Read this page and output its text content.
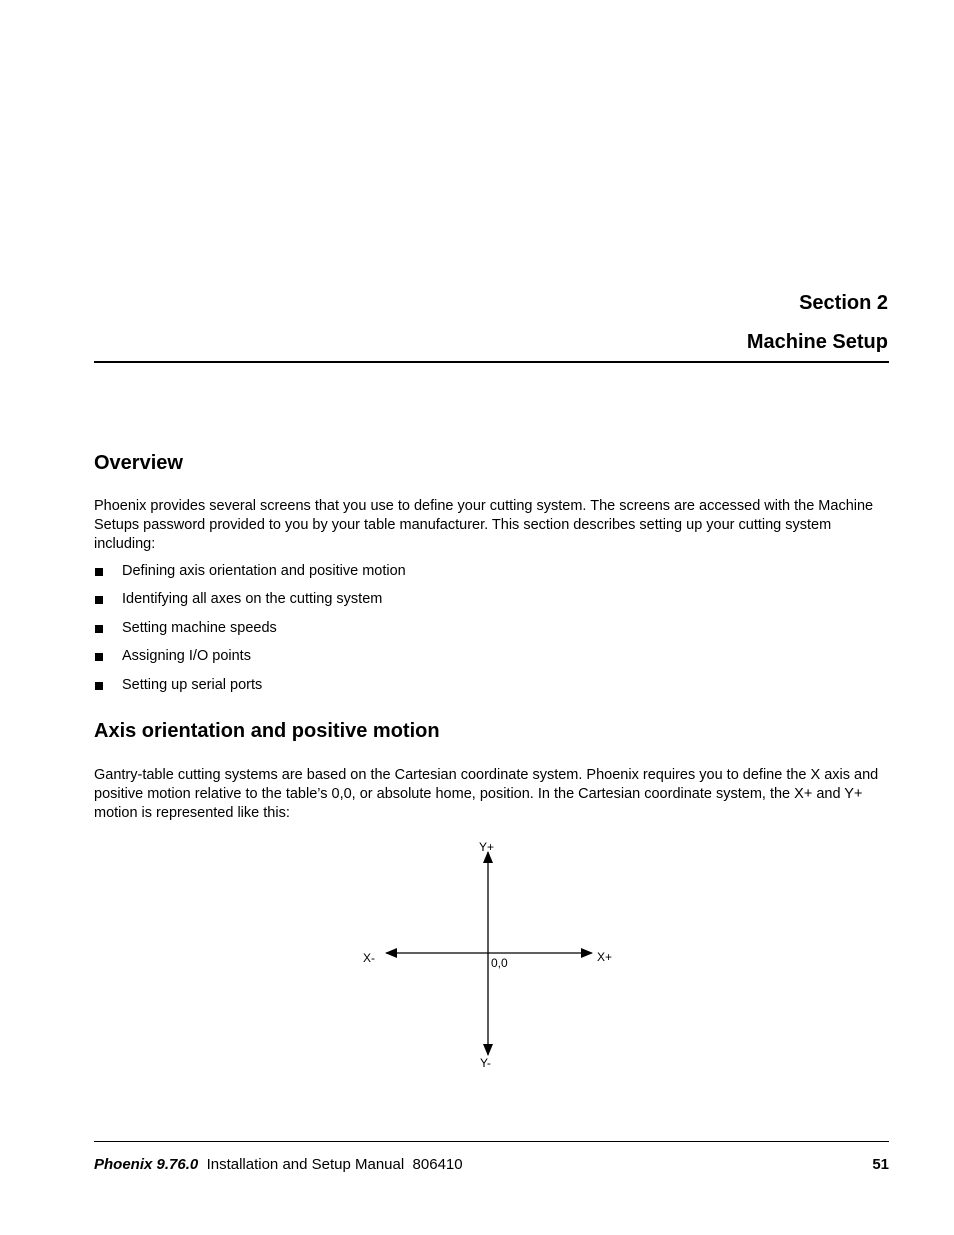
Section 2
Machine Setup
Overview

Phoenix provides several screens that you use to define your cutting system. The screens are accessed with the Machine Setups password provided to you by your table manufacturer. This section describes setting up your cutting system including:

Defining axis orientation and positive motion
Identifying all axes on the cutting system
Setting machine speeds
Assigning I/O points
Setting up serial ports
Axis orientation and positive motion

Gantry-table cutting systems are based on the Cartesian coordinate system. Phoenix requires you to define the X axis and positive motion relative to the table’s 0,0, or absolute home, position. In the Cartesian coordinate system, the X+ and Y+ motion is represented like this:

Y+
Y-
X+
X-	0,0
Phoenix 9.76.0 Installation and Setup Manual 806410	51
